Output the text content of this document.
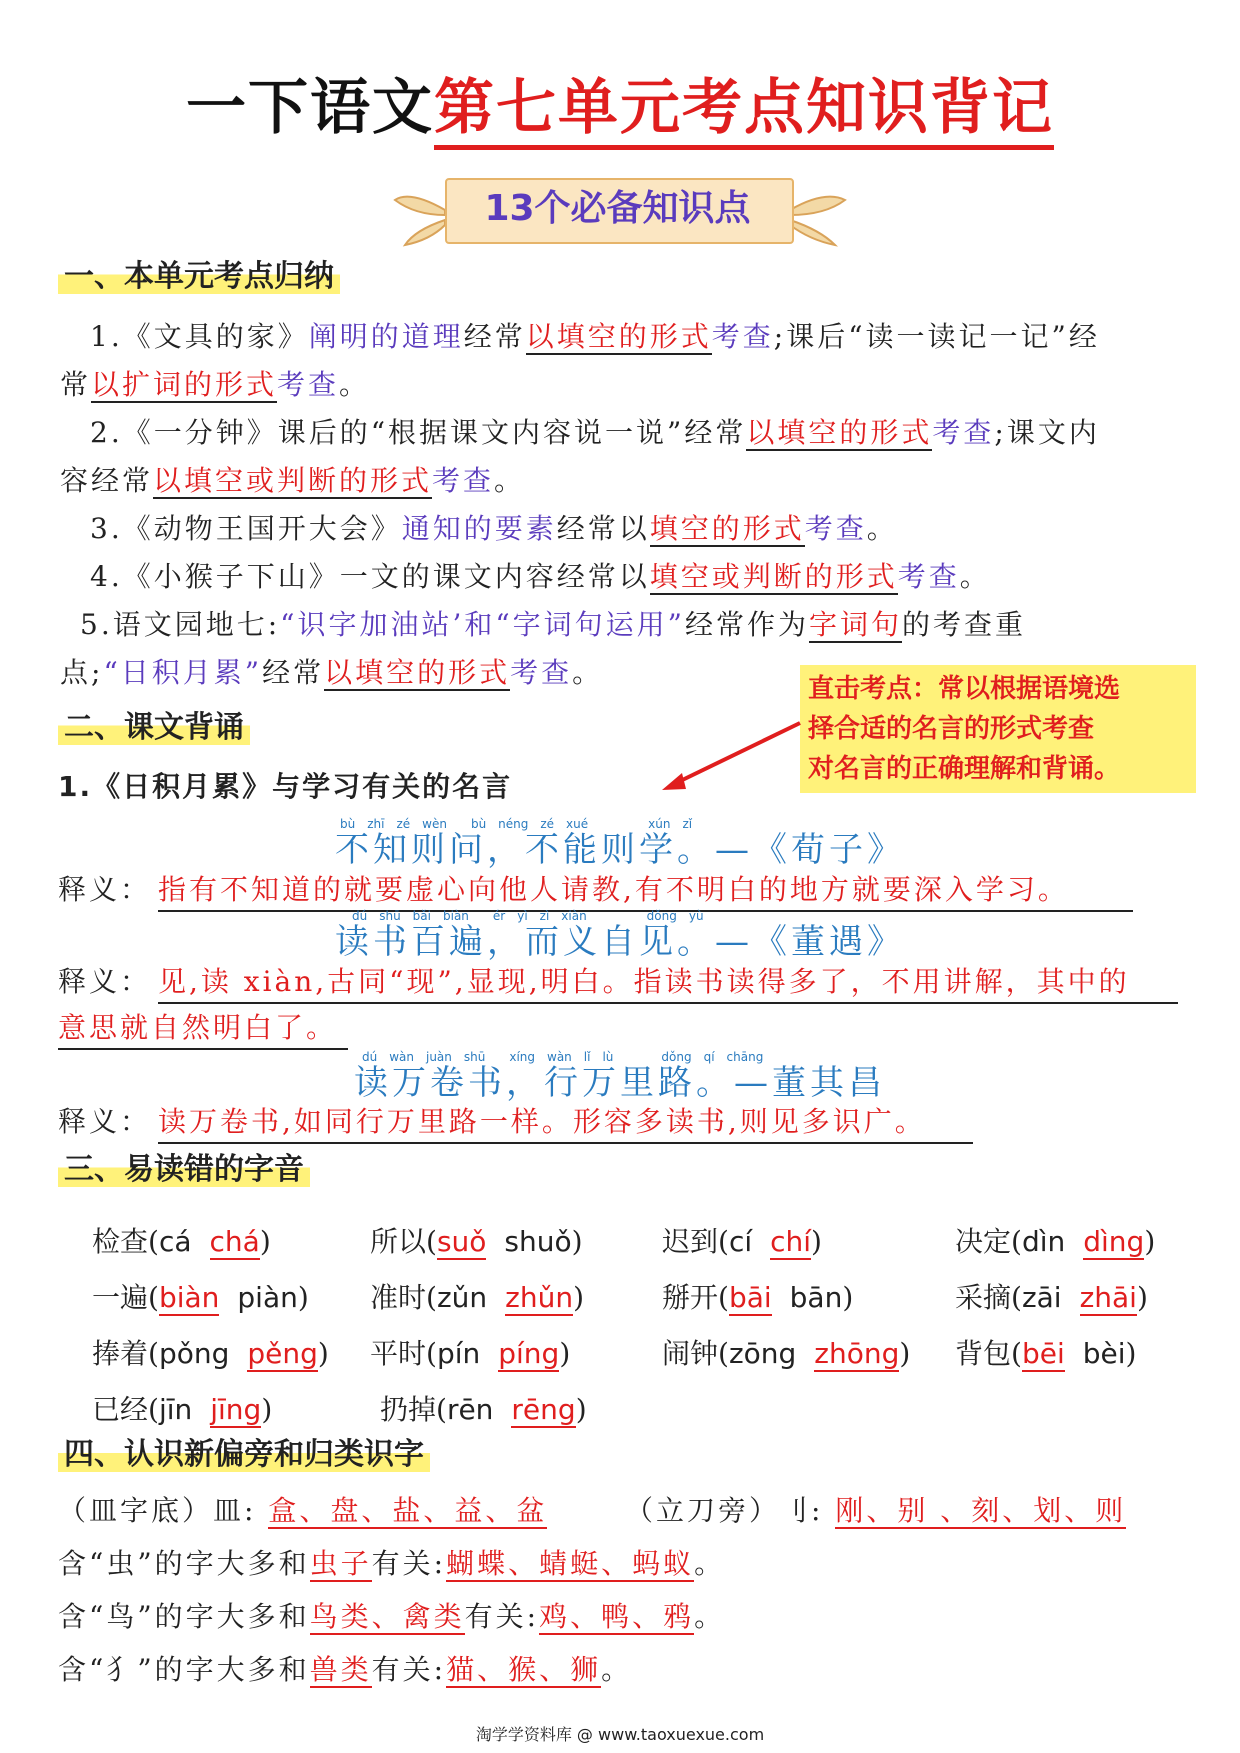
一下语文第七单元考点知识背记
13个必备知识点
一、本单元考点归纳
1.《文具的家》阐明的道理经常以填空的形式考查;课后“读一读记一记”经
常以扩词的形式考查。
2.《一分钟》课后的“根据课文内容说一说”经常以填空的形式考查;课文内
容经常以填空或判断的形式考查。
3.《动物王国开大会》通知的要素经常以填空的形式考查。
4.《小猴子下山》一文的课文内容经常以填空或判断的形式考查。
5.语文园地七:“识字加油站’和“字词句运用”经常作为字词句的考查重
点;“日积月累”经常以填空的形式考查。	直击考点：常以根据语境选
择合适的名言的形式考查
对名言的正确理解和背诵。
二、课文背诵
1.《日积月累》与学习有关的名言
bù　zhī　zé　wèn　　bù　néng　zé　xué　　　　　xún　zǐ
不知则问，不能则学。—《荀子》
释义： 指有不知道的就要虚心向他人请教,有不明白的地方就要深入学习。
dú　shū　bǎi　biàn　　ér　yì　zì　xiàn　　　　　dǒng　yù
读书百遍，而义自见。—《董遇》
释义： 见,读 xiàn,古同“现”,显现,明白。指读书读得多了，不用讲解，其中的
意思就自然明白了。
dú　wàn　juàn　shū　　xíng　wàn　lǐ　lù　　　　dǒng　qí　chāng
读万卷书，行万里路。—董其昌
释义： 读万卷书,如同行万里路一样。形容多读书,则见多识广。
三、易读错的字音
检查(cá chá)	所以(suǒ shuǒ)	迟到(cí chí)	决定(dìn dìng)
一遍(biàn piàn) 准时(zǔn zhǔn)	掰开(bāi bān)	采摘(zāi zhāi)
捧着(pǒng pěng) 平时(pín píng)	闹钟(zōng zhōng) 背包(bēi bèi)
已经(jīn jīng)	扔掉(rēn rēng)
四、认识新偏旁和归类识字
（皿字底）皿: 盒、盘、盐、益、盆	（立刀旁）刂: 刚、别 、刻、划、则
含“虫”的字大多和虫子有关:蝴蝶、蜻蜓、蚂蚁。
含“鸟”的字大多和鸟类、禽类有关:鸡、鸭、鸦。
含“犭”的字大多和兽类有关:猫、猴、狮。
淘学学资料库 @ www.taoxuexue.com
